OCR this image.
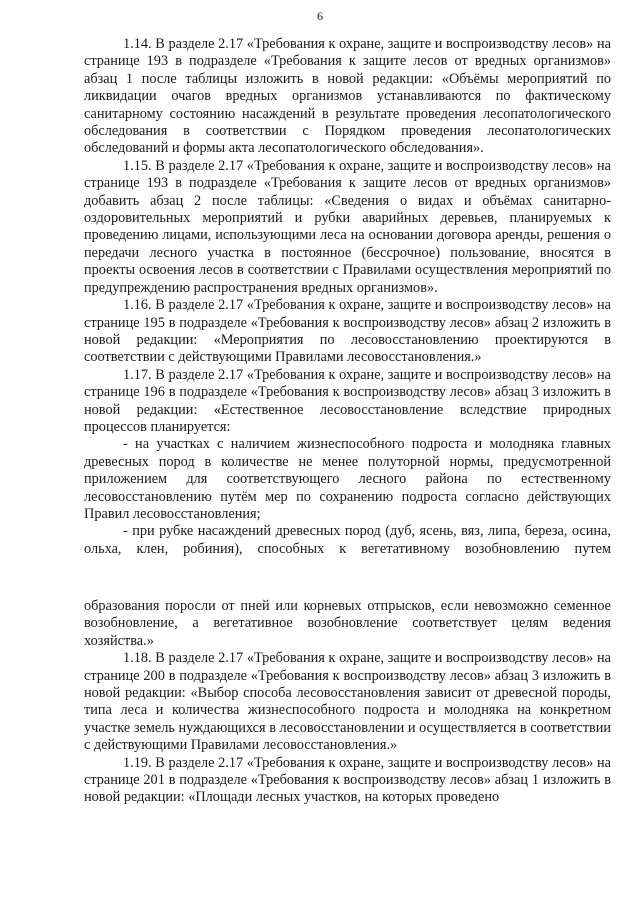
6

1.14. В разделе 2.17 «Требования к охране, защите и воспроизводству лесов» на странице 193 в подразделе «Требования к защите лесов от вредных организмов» абзац 1 после таблицы изложить в новой редакции: «Объёмы мероприятий по ликвидации очагов вредных организмов устанавливаются по фактическому санитарному состоянию насаждений в результате проведения лесопатологического обследования в соответствии с Порядком проведения лесопатологических обследований и формы акта лесопатологического обследования».

1.15. В разделе 2.17 «Требования к охране, защите и воспроизводству лесов» на странице 193 в подразделе «Требования к защите лесов от вредных организмов» добавить абзац 2 после таблицы: «Сведения о видах и объёмах санитарно-оздоровительных мероприятий и рубки аварийных деревьев, планируемых к проведению лицами, использующими леса на основании договора аренды, решения о передачи лесного участка в постоянное (бессрочное) пользование, вносятся в проекты освоения лесов в соответствии с Правилами осуществления мероприятий по предупреждению распространения вредных организмов».

1.16. В разделе 2.17 «Требования к охране, защите и воспроизводству лесов» на странице 195 в подразделе «Требования к воспроизводству лесов» абзац 2 изложить в новой редакции: «Мероприятия по лесовосстановлению проектируются в соответствии с действующими Правилами лесовосстановления.»

1.17. В разделе 2.17 «Требования к охране, защите и воспроизводству лесов» на странице 196 в подразделе «Требования к воспроизводству лесов» абзац 3 изложить в новой редакции: «Естественное лесовосстановление вследствие природных процессов планируется:

- на участках с наличием жизнеспособного подроста и молодняка главных древесных пород в количестве не менее полуторной нормы, предусмотренной приложением для соответствующего лесного района по естественному лесовосстановлению путём мер по сохранению подроста согласно действующих Правил лесовосстановления;

- при рубке насаждений древесных пород (дуб, ясень, вяз, липа, береза, осина, ольха, клен, робиния), способных к вегетативному возобновлению путем

образования поросли от пней или корневых отпрысков, если невозможно семенное возобновление, а вегетативное возобновление соответствует целям ведения хозяйства.»

1.18. В разделе 2.17 «Требования к охране, защите и воспроизводству лесов» на странице 200 в подразделе «Требования к воспроизводству лесов» абзац 3 изложить в новой редакции: «Выбор способа лесовосстановления зависит от древесной породы, типа леса и количества жизнеспособного подроста и молодняка на конкретном участке земель нуждающихся в лесовосстановлении и осуществляется в соответствии с действующими Правилами лесовосстановления.»

1.19. В разделе 2.17 «Требования к охране, защите и воспроизводству лесов» на странице 201 в подразделе «Требования к воспроизводству лесов» абзац 1 изложить в новой редакции: «Площади лесных участков, на которых проведено
